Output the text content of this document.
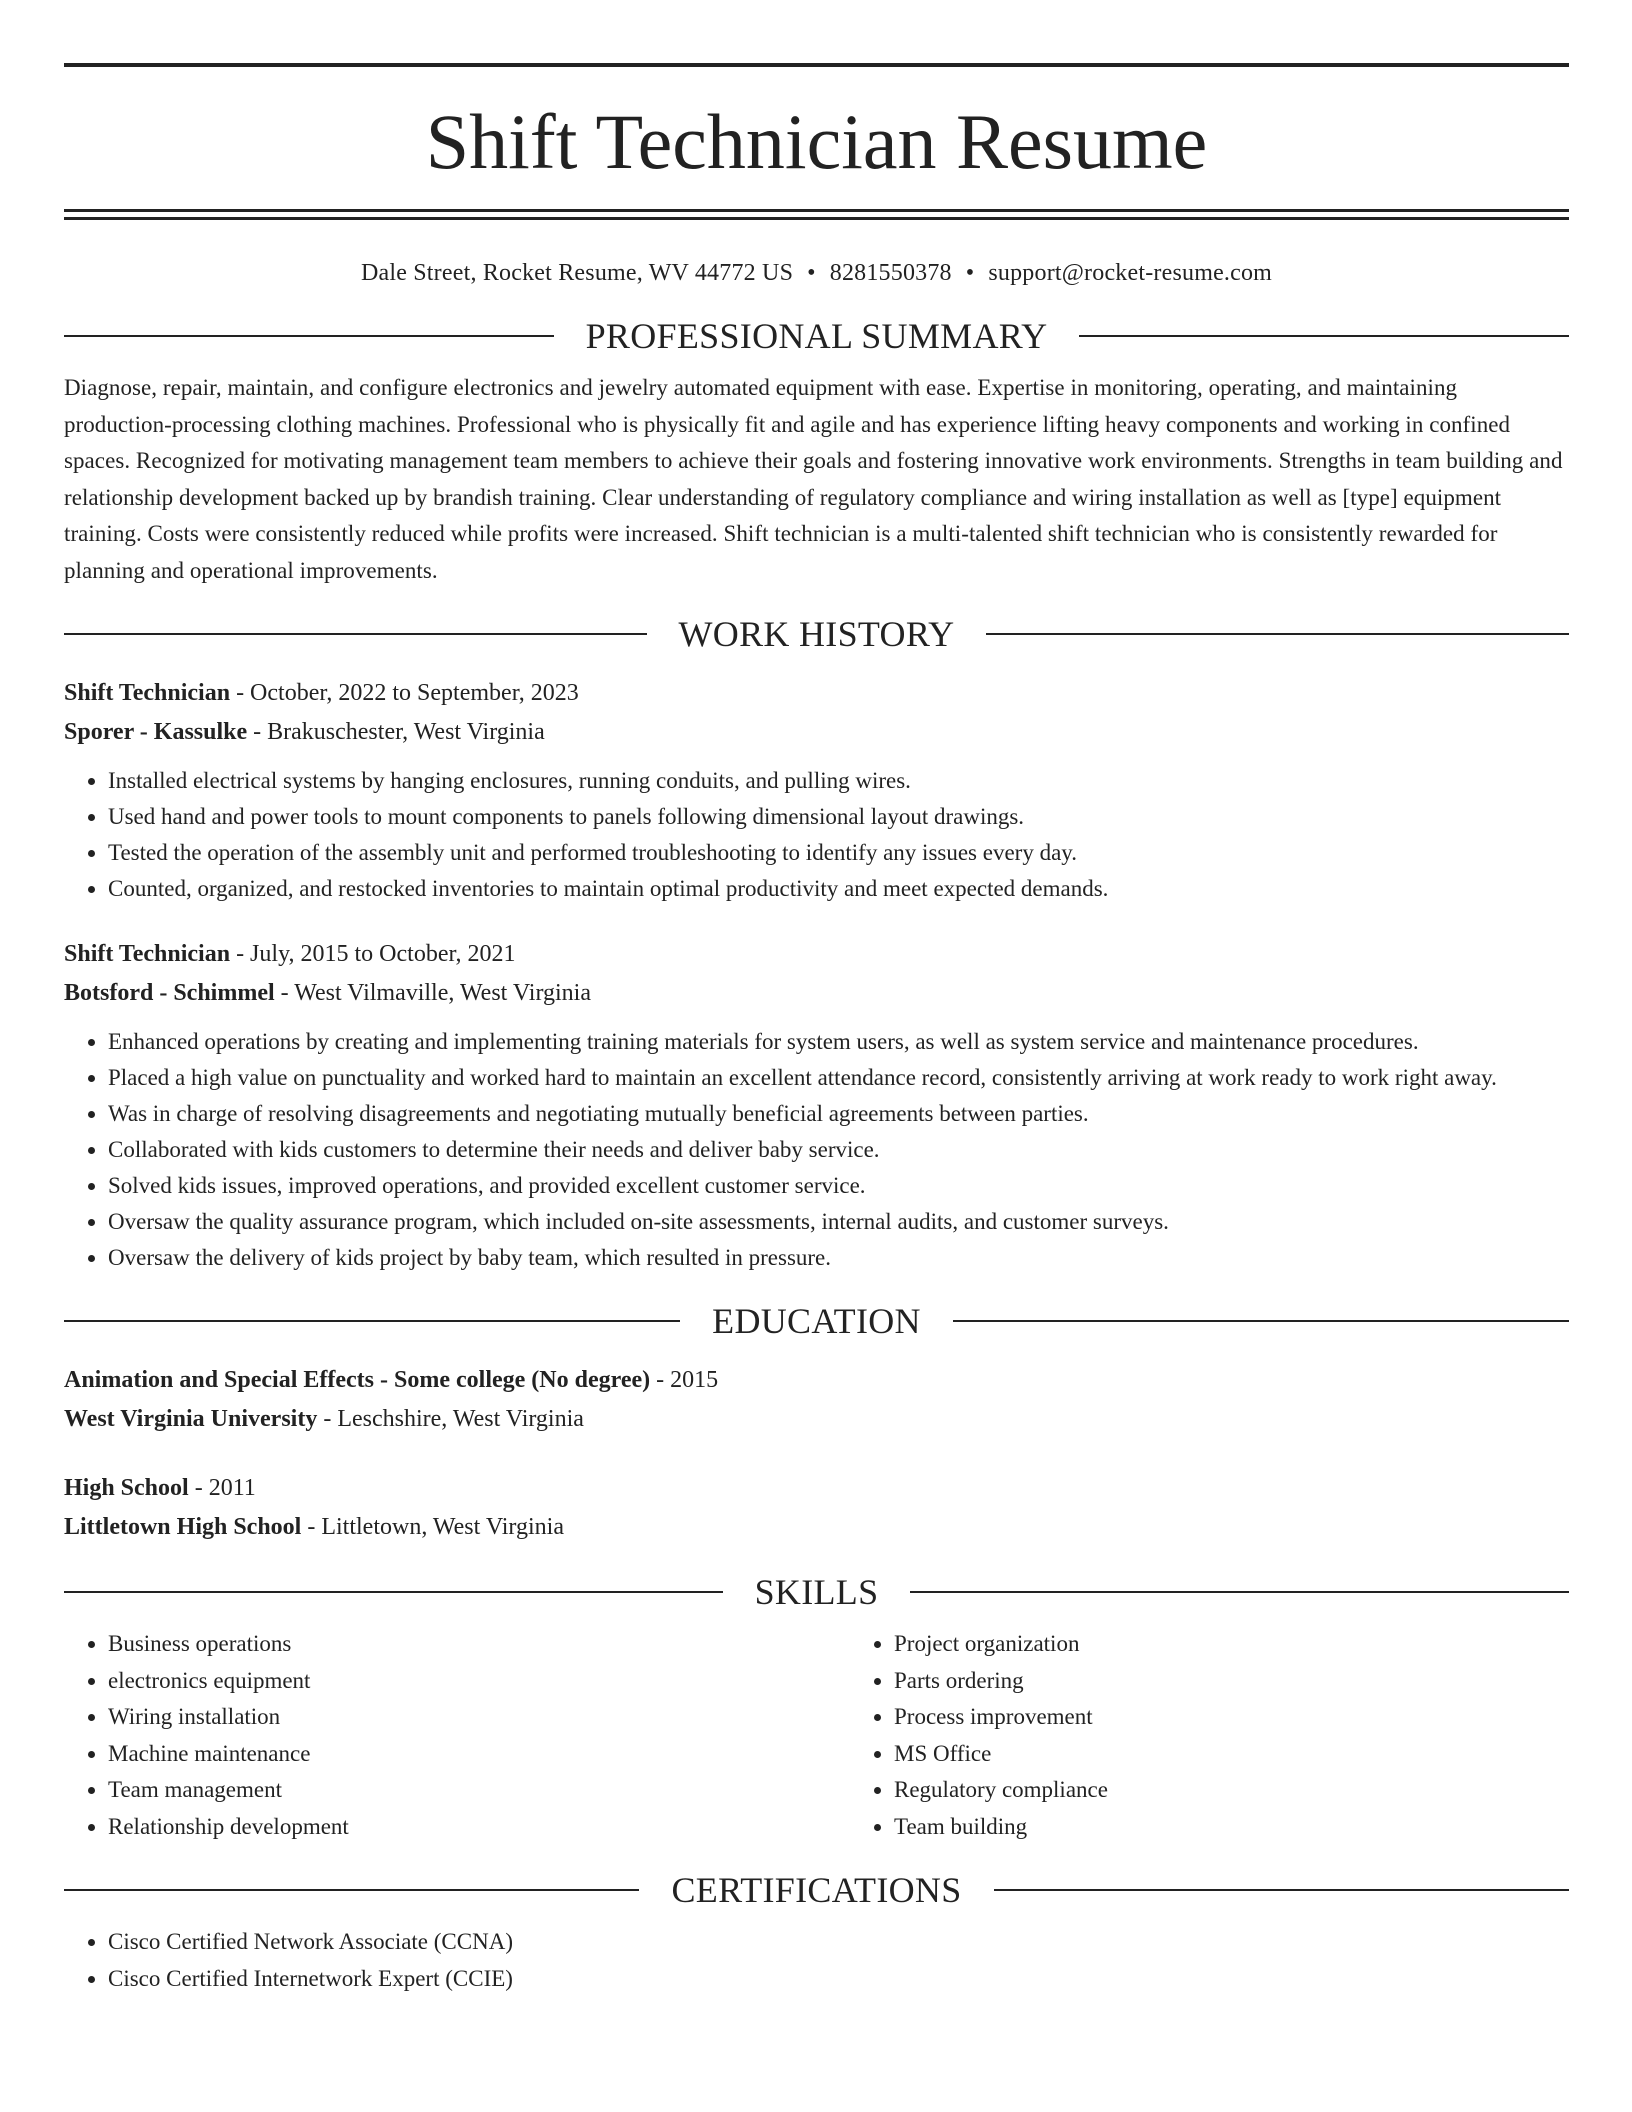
Shift Technician Resume
Dale Street, Rocket Resume, WV 44772 US • 8281550378 • support@rocket-resume.com
PROFESSIONAL SUMMARY
Diagnose, repair, maintain, and configure electronics and jewelry automated equipment with ease. Expertise in monitoring, operating, and maintaining production-processing clothing machines. Professional who is physically fit and agile and has experience lifting heavy components and working in confined spaces. Recognized for motivating management team members to achieve their goals and fostering innovative work environments. Strengths in team building and relationship development backed up by brandish training. Clear understanding of regulatory compliance and wiring installation as well as [type] equipment training. Costs were consistently reduced while profits were increased. Shift technician is a multi-talented shift technician who is consistently rewarded for planning and operational improvements.
WORK HISTORY
Shift Technician - October, 2022 to September, 2023
Sporer - Kassulke - Brakuschester, West Virginia
• Installed electrical systems by hanging enclosures, running conduits, and pulling wires.
• Used hand and power tools to mount components to panels following dimensional layout drawings.
• Tested the operation of the assembly unit and performed troubleshooting to identify any issues every day.
• Counted, organized, and restocked inventories to maintain optimal productivity and meet expected demands.
Shift Technician - July, 2015 to October, 2021
Botsford - Schimmel - West Vilmaville, West Virginia
• Enhanced operations by creating and implementing training materials for system users, as well as system service and maintenance procedures.
• Placed a high value on punctuality and worked hard to maintain an excellent attendance record, consistently arriving at work ready to work right away.
• Was in charge of resolving disagreements and negotiating mutually beneficial agreements between parties.
• Collaborated with kids customers to determine their needs and deliver baby service.
• Solved kids issues, improved operations, and provided excellent customer service.
• Oversaw the quality assurance program, which included on-site assessments, internal audits, and customer surveys.
• Oversaw the delivery of kids project by baby team, which resulted in pressure.
EDUCATION
Animation and Special Effects - Some college (No degree) - 2015
West Virginia University - Leschshire, West Virginia
High School - 2011
Littletown High School - Littletown, West Virginia
SKILLS
• Business operations
• electronics equipment
• Wiring installation
• Machine maintenance
• Team management
• Relationship development
• Project organization
• Parts ordering
• Process improvement
• MS Office
• Regulatory compliance
• Team building
CERTIFICATIONS
• Cisco Certified Network Associate (CCNA)
• Cisco Certified Internetwork Expert (CCIE)
